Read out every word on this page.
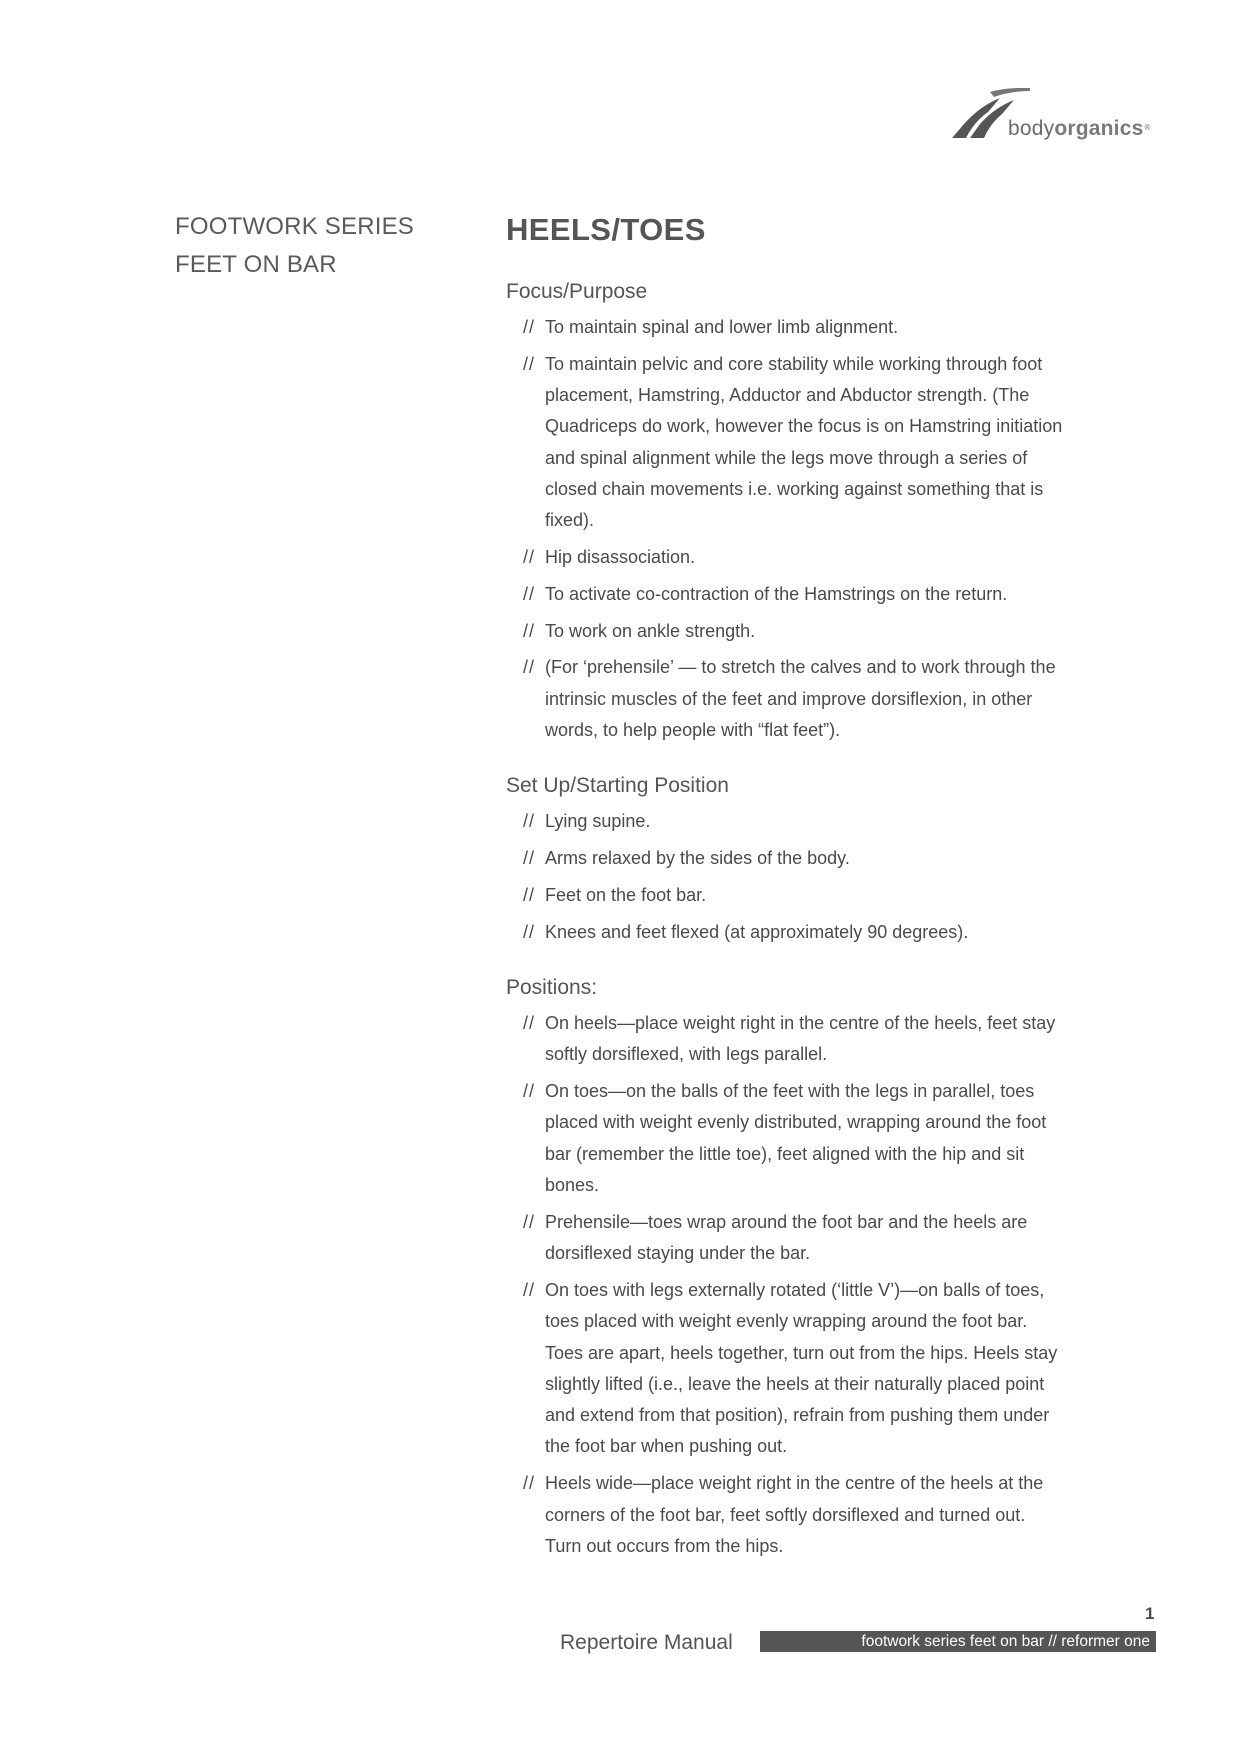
bodyorganics®
FOOTWORK SERIES
FEET ON BAR
HEELS/TOES
Focus/Purpose
// To maintain spinal and lower limb alignment.
// To maintain pelvic and core stability while working through foot placement, Hamstring, Adductor and Abductor strength. (The Quadriceps do work, however the focus is on Hamstring initiation and spinal alignment while the legs move through a series of closed chain movements i.e. working against something that is fixed).
// Hip disassociation.
// To activate co-contraction of the Hamstrings on the return.
// To work on ankle strength.
// (For ‘prehensile’ — to stretch the calves and to work through the intrinsic muscles of the feet and improve dorsiflexion, in other words, to help people with “flat feet”).
Set Up/Starting Position
// Lying supine.
// Arms relaxed by the sides of the body.
// Feet on the foot bar.
// Knees and feet flexed (at approximately 90 degrees).
Positions:
// On heels—place weight right in the centre of the heels, feet stay softly dorsiflexed, with legs parallel.
// On toes—on the balls of the feet with the legs in parallel, toes placed with weight evenly distributed, wrapping around the foot bar (remember the little toe), feet aligned with the hip and sit bones.
// Prehensile—toes wrap around the foot bar and the heels are dorsiflexed staying under the bar.
// On toes with legs externally rotated (‘little V’)—on balls of toes, toes placed with weight evenly wrapping around the foot bar. Toes are apart, heels together, turn out from the hips. Heels stay slightly lifted (i.e., leave the heels at their naturally placed point and extend from that position), refrain from pushing them under the foot bar when pushing out.
// Heels wide—place weight right in the centre of the heels at the corners of the foot bar, feet softly dorsiflexed and turned out. Turn out occurs from the hips.
1
Repertoire Manual	footwork series feet on bar // reformer one
